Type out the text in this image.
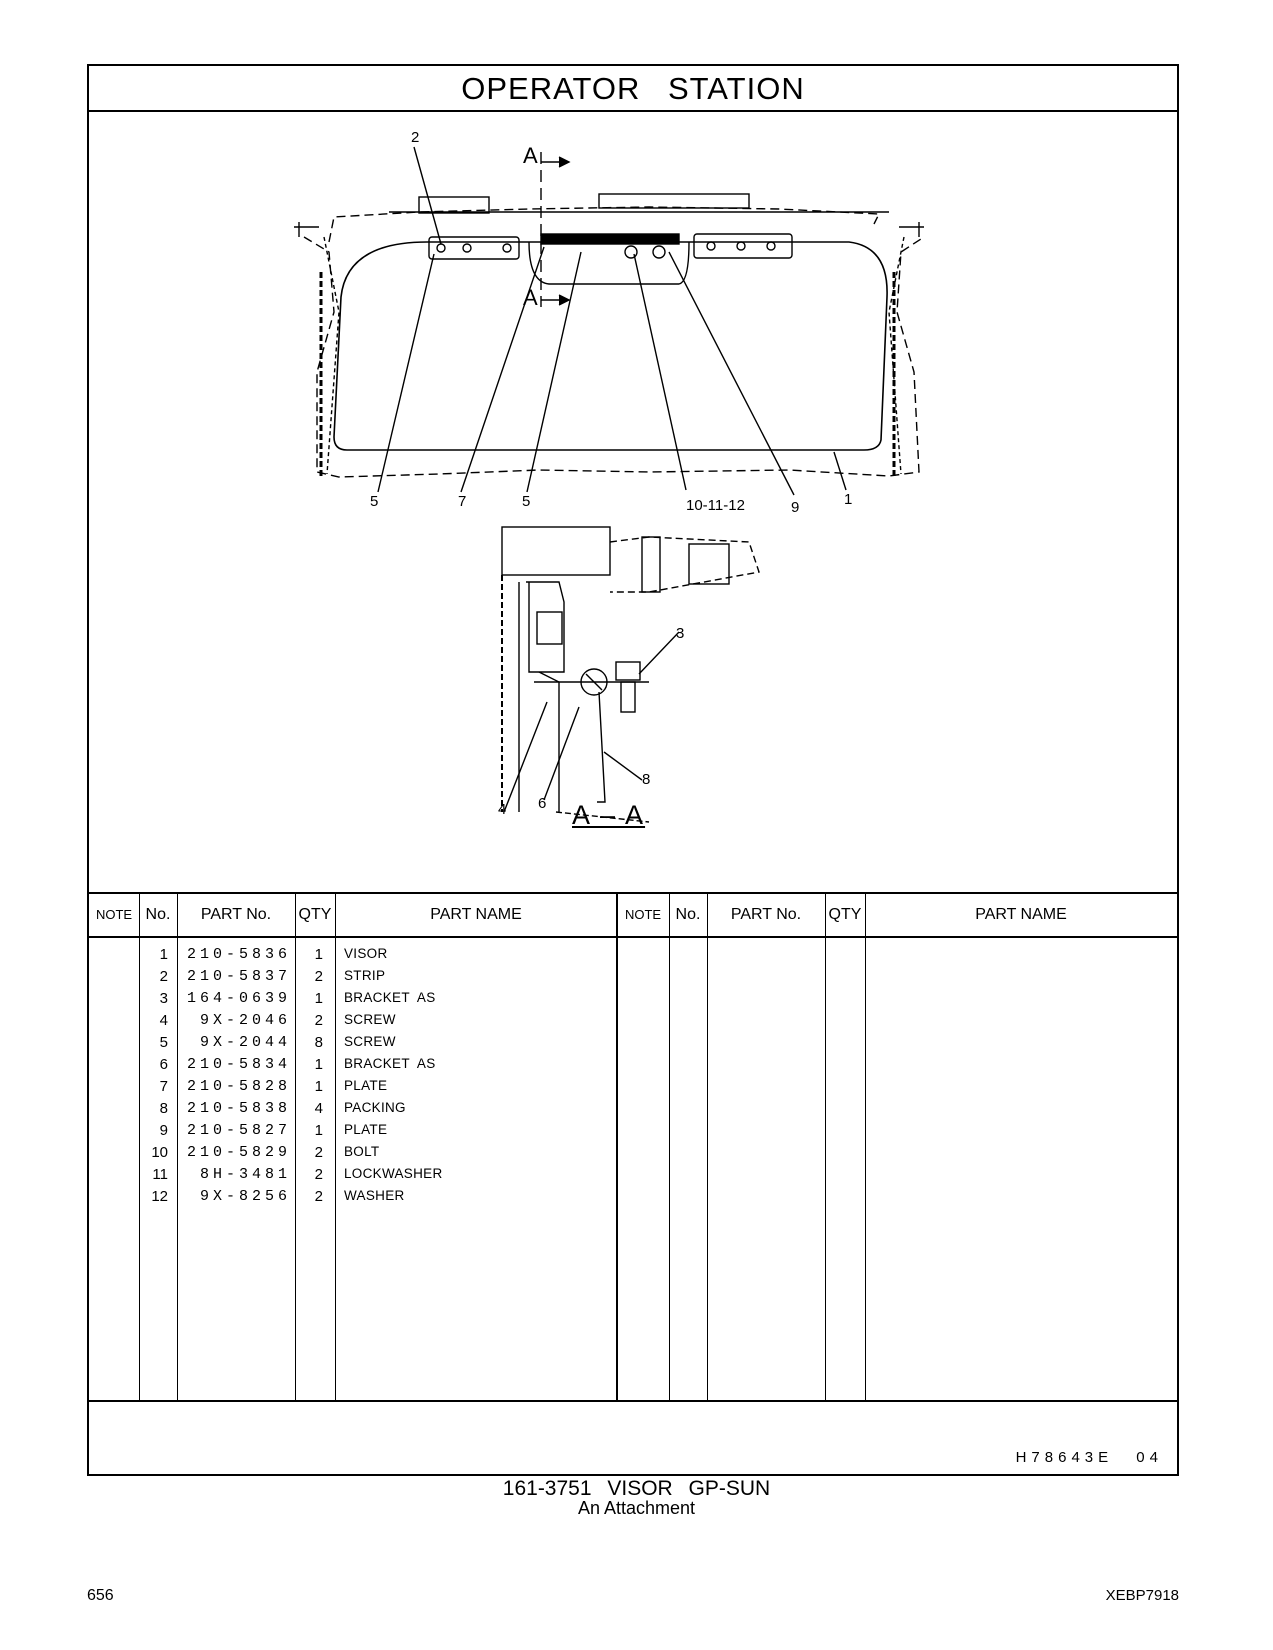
OPERATOR STATION
2
5	7	5	10-11-12	9	1
A
A
3
8
4 6 A – A
NOTE No.	PART No.	QTY	PART NAME	NOTE No.	PART No.	QTY	PART NAME
1	210-5836	1 VISOR
2	210-5837	2 STRIP
3	164-0639	1 BRACKET AS
4	9X-2046	2 SCREW
5	9X-2044	8 SCREW
6	210-5834	1 BRACKET AS
7	210-5828	1 PLATE
8	210-5838	4 PACKING
9	210-5827	1 PLATE
10	210-5829	2 BOLT
11	8H-3481	2 LOCKWASHER
12	9X-8256	2 WASHER
H78643E 04
161-3751 VISOR GP-SUN
An Attachment
656	XEBP7918
